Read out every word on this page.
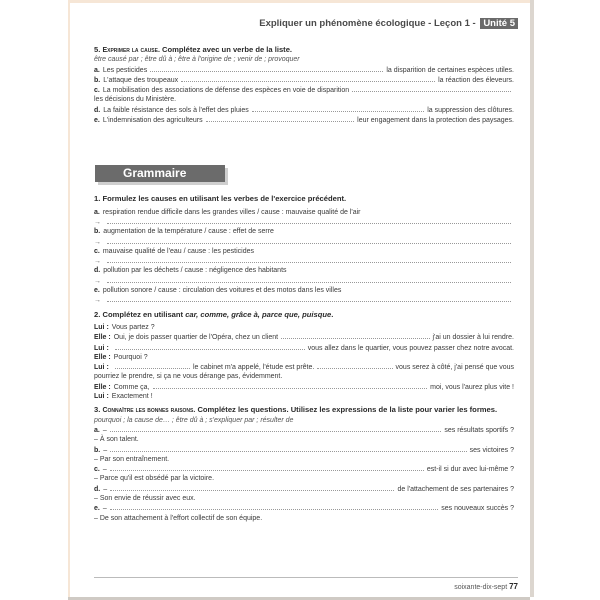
Expliquer un phénomène écologique - Leçon 1 - Unité 5
5. Exprimer la cause. Complétez avec un verbe de la liste.
être causé par ; être dû à ; être à l'origine de ; venir de ; provoquer
a. Les pesticides	la disparition de certaines espèces utiles.
b. L'attaque des troupeaux	la réaction des éleveurs.
c. La mobilisation des associations de défense des espèces en voie de disparition
les décisions du Ministère.
d. La faible résistance des sols à l'effet des pluies	la suppression des clôtures.
e. L'indemnisation des agriculteurs	leur engagement dans la protection des paysages.
Grammaire
1. Formulez les causes en utilisant les verbes de l'exercice précédent.
a. respiration rendue difficile dans les grandes villes / cause : mauvaise qualité de l'air
→
b. augmentation de la température / cause : effet de serre
→
c. mauvaise qualité de l'eau / cause : les pesticides
→
d. pollution par les déchets / cause : négligence des habitants
→
e. pollution sonore / cause : circulation des voitures et des motos dans les villes
→
2. Complétez en utilisant car, comme, grâce à, parce que, puisque.
Lui : Vous partez ?
Elle : Oui, je dois passer quartier de l'Opéra, chez un client	j'ai un dossier à lui rendre.
Lui :	vous allez dans le quartier, vous pouvez passer chez notre avocat.
Elle : Pourquoi ?
Lui :	le cabinet m'a appelé, l'étude est prête.	vous serez à côté, j'ai pensé que vous
pourriez le prendre, si ça ne vous dérange pas, évidemment.
Elle : Comme ça,	moi, vous l'aurez plus vite !
Lui : Exactement !
3. Connaître les bonnes raisons. Complétez les questions. Utilisez les expressions de la liste pour varier les formes.
pourquoi ; la cause de… ; être dû à ; s'expliquer par ; résulter de
a. –	ses résultats sportifs ?
– À son talent.
b. –	ses victoires ?
– Par son entraînement.
c. –	est-il si dur avec lui-même ?
– Parce qu'il est obsédé par la victoire.
d. –	de l'attachement de ses partenaires ?
– Son envie de réussir avec eux.
e. –	ses nouveaux succès ?
– De son attachement à l'effort collectif de son équipe.
soixante-dix-sept 77
